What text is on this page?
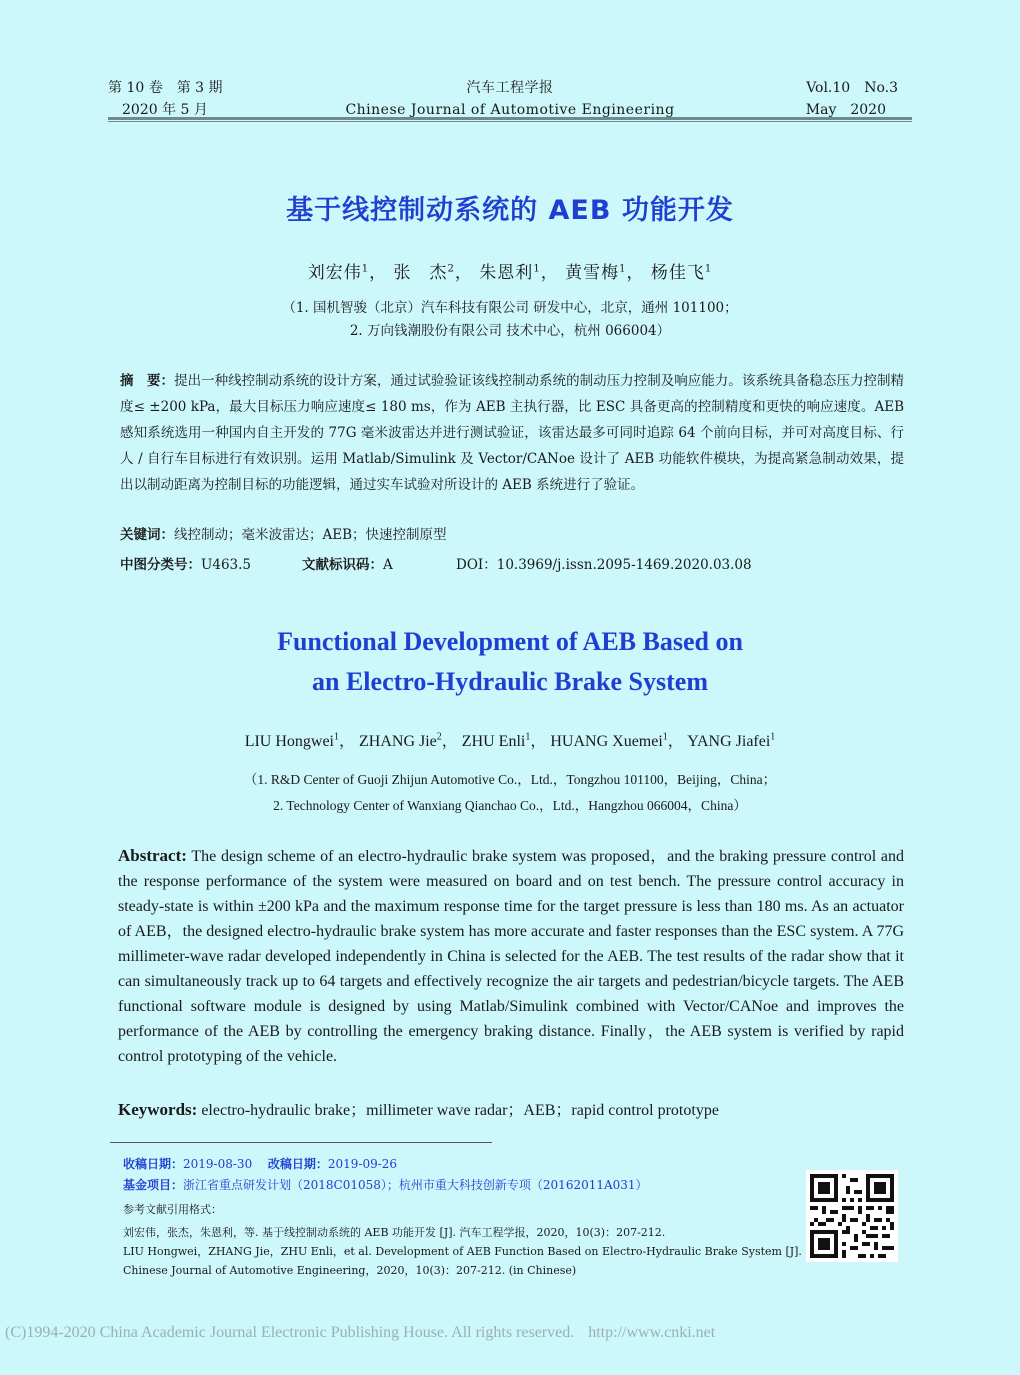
第 10 卷　第 3 期
2020 年 5 月
汽车工程学报
Chinese Journal of Automotive Engineering
Vol.10　No.3
May　2020
基于线控制动系统的 AEB 功能开发
刘宏伟$^1$， 张　杰$^2$， 朱恩利$^1$， 黄雪梅$^1$， 杨佳飞$^1$
（1. 国机智骏（北京）汽车科技有限公司 研发中心，北京，通州 101100；
2. 万向钱潮股份有限公司 技术中心，杭州 066004）
摘　要：提出一种线控制动系统的设计方案，通过试验验证该线控制动系统的制动压力控制及响应能力。该系统具备稳态压力控制精度≤ ±200 kPa，最大目标压力响应速度≤ 180 ms，作为 AEB 主执行器，比 ESC 具备更高的控制精度和更快的响应速度。AEB 感知系统选用一种国内自主开发的 77G 毫米波雷达并进行测试验证，该雷达最多可同时追踪 64 个前向目标，并可对高度目标、行人 / 自行车目标进行有效识别。运用 Matlab/Simulink 及 Vector/CANoe 设计了 AEB 功能软件模块，为提高紧急制动效果，提出以制动距离为控制目标的功能逻辑，通过实车试验对所设计的 AEB 系统进行了验证。
关键词：线控制动；毫米波雷达；AEB；快速控制原型
中图分类号：U463.5	文献标识码：A	DOI：10.3969/j.issn.2095-1469.2020.03.08
Functional Development of AEB Based on
an Electro-Hydraulic Brake System
LIU Hongwei$^1$， ZHANG Jie$^2$， ZHU Enli$^1$， HUANG Xuemei$^1$， YANG Jiafei$^1$
（1. R&D Center of Guoji Zhijun Automotive Co.，Ltd.，Tongzhou 101100，Beijing，China；
2. Technology Center of Wanxiang Qianchao Co.，Ltd.，Hangzhou 066004，China）
Abstract: The design scheme of an electro-hydraulic brake system was proposed，and the braking pressure control and the response performance of the system were measured on board and on test bench. The pressure control accuracy in steady-state is within ±200 kPa and the maximum response time for the target pressure is less than 180 ms. As an actuator of AEB，the designed electro-hydraulic brake system has more accurate and faster responses than the ESC system. A 77G millimeter-wave radar developed independently in China is selected for the AEB. The test results of the radar show that it can simultaneously track up to 64 targets and effectively recognize the air targets and pedestrian/bicycle targets. The AEB functional software module is designed by using Matlab/Simulink combined with Vector/CANoe and improves the performance of the AEB by controlling the emergency braking distance. Finally，the AEB system is verified by rapid control prototyping of the vehicle.
Keywords: electro-hydraulic brake；millimeter wave radar；AEB；rapid control prototype
收稿日期：2019-08-30 改稿日期：2019-09-26
基金项目：浙江省重点研发计划（2018C01058）；杭州市重大科技创新专项（20162011A031）
参考文献引用格式：
刘宏伟，张杰，朱恩利，等. 基于线控制动系统的 AEB 功能开发 [J]. 汽车工程学报，2020，10(3)：207-212.
LIU Hongwei，ZHANG Jie，ZHU Enli，et al. Development of AEB Function Based on Electro-Hydraulic Brake System [J].
Chinese Journal of Automotive Engineering，2020，10(3)：207-212. (in Chinese)
(C)1994-2020 China Academic Journal Electronic Publishing House. All rights reserved. http://www.cnki.net
